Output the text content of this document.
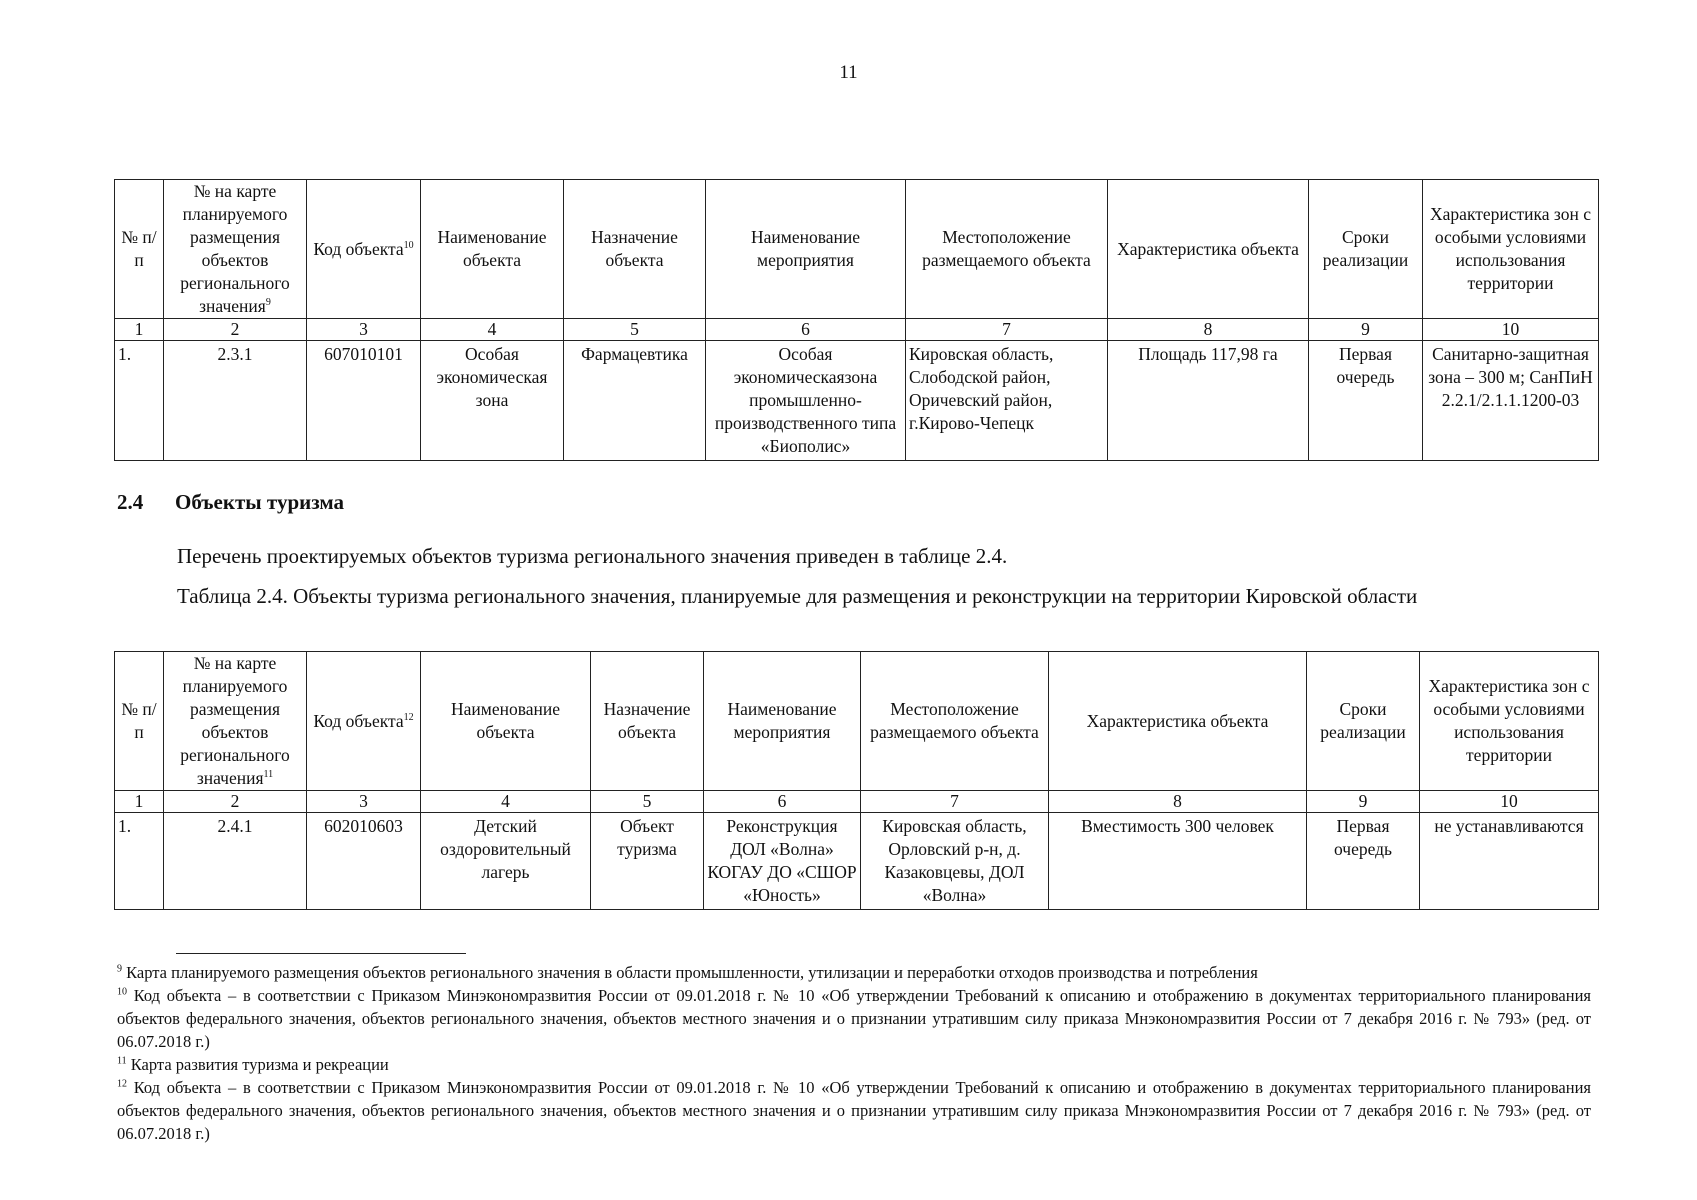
11
№ п/п	№ на карте планируемого размещения объектов регионального значения$^9$	Код объекта$^{10}$	Наименование объекта	Назначение объекта	Наименование мероприятия	Местоположение размещаемого объекта	Характеристика объекта	Сроки реализации	Характеристика зон с особыми условиями использования территории
1	2	3	4	5	6	7	8	9	10
1.	2.3.1	607010101	Особая экономическая зона	Фармацевтика	Особая экономическаязона промышленно-производственного типа «Биополис»	Кировская область, Слободской район, Оричевский район, г.Кирово-Чепецк	Площадь 117,98 га	Первая очередь	Санитарно-защитная зона – 300 м; СанПиН 2.2.1/2.1.1.1200-03
2.4 Объекты туризма
Перечень проектируемых объектов туризма регионального значения приведен в таблице 2.4.
Таблица 2.4. Объекты туризма регионального значения, планируемые для размещения и реконструкции на территории Кировской области
№ п/п	№ на карте планируемого размещения объектов регионального значения$^{11}$	Код объекта$^{12}$	Наименование объекта	Назначение объекта	Наименование мероприятия	Местоположение размещаемого объекта	Характеристика объекта	Сроки реализации	Характеристика зон с особыми условиями использования территории
1	2	3	4	5	6	7	8	9	10
1.	2.4.1	602010603	Детский оздоровительный лагерь	Объект туризма	Реконструкция ДОЛ «Волна» КОГАУ ДО «СШОР «Юность»	Кировская область, Орловский р-н, д. Казаковцевы, ДОЛ «Волна»	Вместимость 300 человек	Первая очередь	не устанавливаются
$^9$ Карта планируемого размещения объектов регионального значения в области промышленности, утилизации и переработки отходов производства и потребления
$^{10}$ Код объекта – в соответствии с Приказом Минэкономразвития России от 09.01.2018 г. № 10 «Об утверждении Требований к описанию и отображению в документах территориального планирования объектов федерального значения, объектов регионального значения, объектов местного значения и о признании утратившим силу приказа Мнэкономразвития России от 7 декабря 2016 г. № 793» (ред. от 06.07.2018 г.)
$^{11}$ Карта развития туризма и рекреации
$^{12}$ Код объекта – в соответствии с Приказом Минэкономразвития России от 09.01.2018 г. № 10 «Об утверждении Требований к описанию и отображению в документах территориального планирования объектов федерального значения, объектов регионального значения, объектов местного значения и о признании утратившим силу приказа Мнэкономразвития России от 7 декабря 2016 г. № 793» (ред. от 06.07.2018 г.)
